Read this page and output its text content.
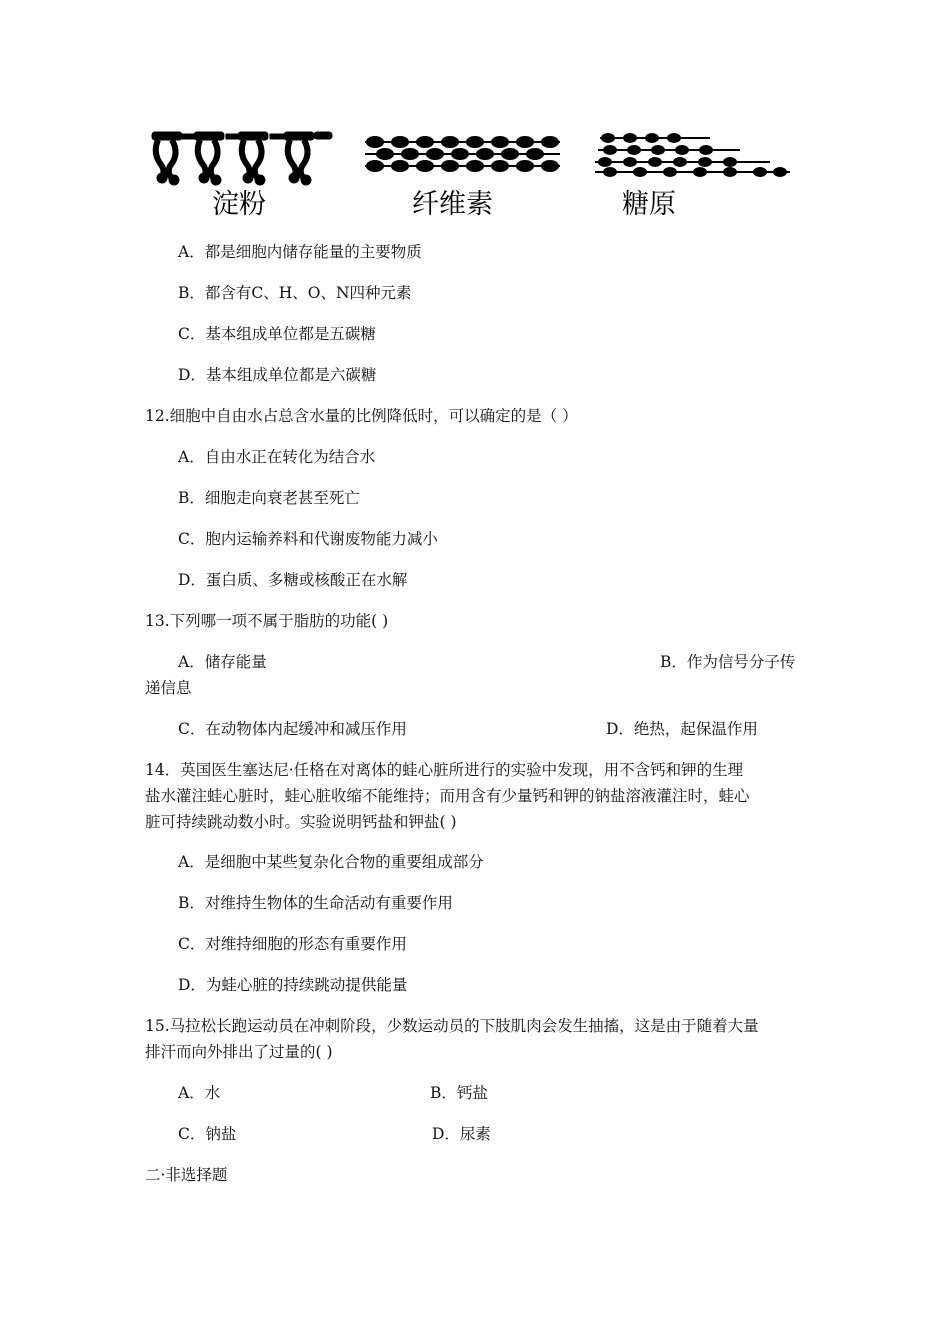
淀粉	纤维素	糖原
A．都是细胞内储存能量的主要物质
B．都含有C、H、O、N四种元素
C．基本组成单位都是五碳糖
D．基本组成单位都是六碳糖
12.细胞中自由水占总含水量的比例降低时，可以确定的是（ ）
A．自由水正在转化为结合水
B．细胞走向衰老甚至死亡
C．胞内运输养料和代谢废物能力减小
D．蛋白质、多糖或核酸正在水解
13.下列哪一项不属于脂肪的功能( )
A．储存能量	B．作为信号分子传
递信息
C．在动物体内起缓冲和减压作用	D．绝热，起保温作用
14．英国医生塞达尼·任格在对离体的蛙心脏所进行的实验中发现，用不含钙和钾的生理
盐水灌注蛙心脏时，蛙心脏收缩不能维持；而用含有少量钙和钾的钠盐溶液灌注时，蛙心
脏可持续跳动数小时。实验说明钙盐和钾盐( )
A．是细胞中某些复杂化合物的重要组成部分
B．对维持生物体的生命活动有重要作用
C．对维持细胞的形态有重要作用
D．为蛙心脏的持续跳动提供能量
15.马拉松长跑运动员在冲刺阶段，少数运动员的下肢肌肉会发生抽搐，这是由于随着大量
排汗而向外排出了过量的( )
A．水	B．钙盐
C．钠盐	D．尿素
二·非选择题
